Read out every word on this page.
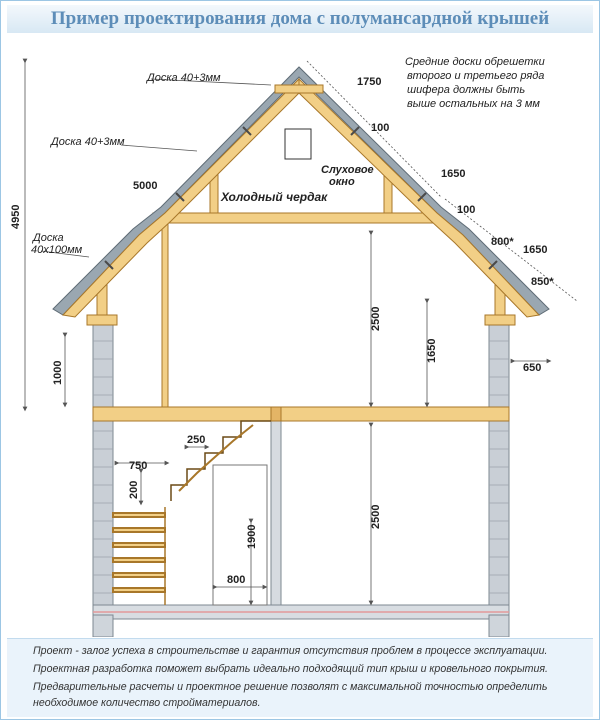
Пример проектирования дома с полумансардной крышей
Доска 40+3мм
Доска 40+3мм
Доска
40х100мм
Слуховое
окно
Холодный чердак
Средние доски обрешетки
второго и третьего ряда
шифера должны быть
выше остальных на 3 мм
4950
5000
1750
100
1650
100
800*
1650
850*
2500
1650
1000	650
2500
250
750
200
1900
800
Проект - залог успеха в строительстве и гарантия отсутствия проблем в процессе эксплуатации.
Проектная разработка поможет выбрать идеально подходящий тип крыш и кровельного покрытия.
Предварительные расчеты и проектное решение позволят с максимальной точностью определить
необходимое количество стройматериалов.
